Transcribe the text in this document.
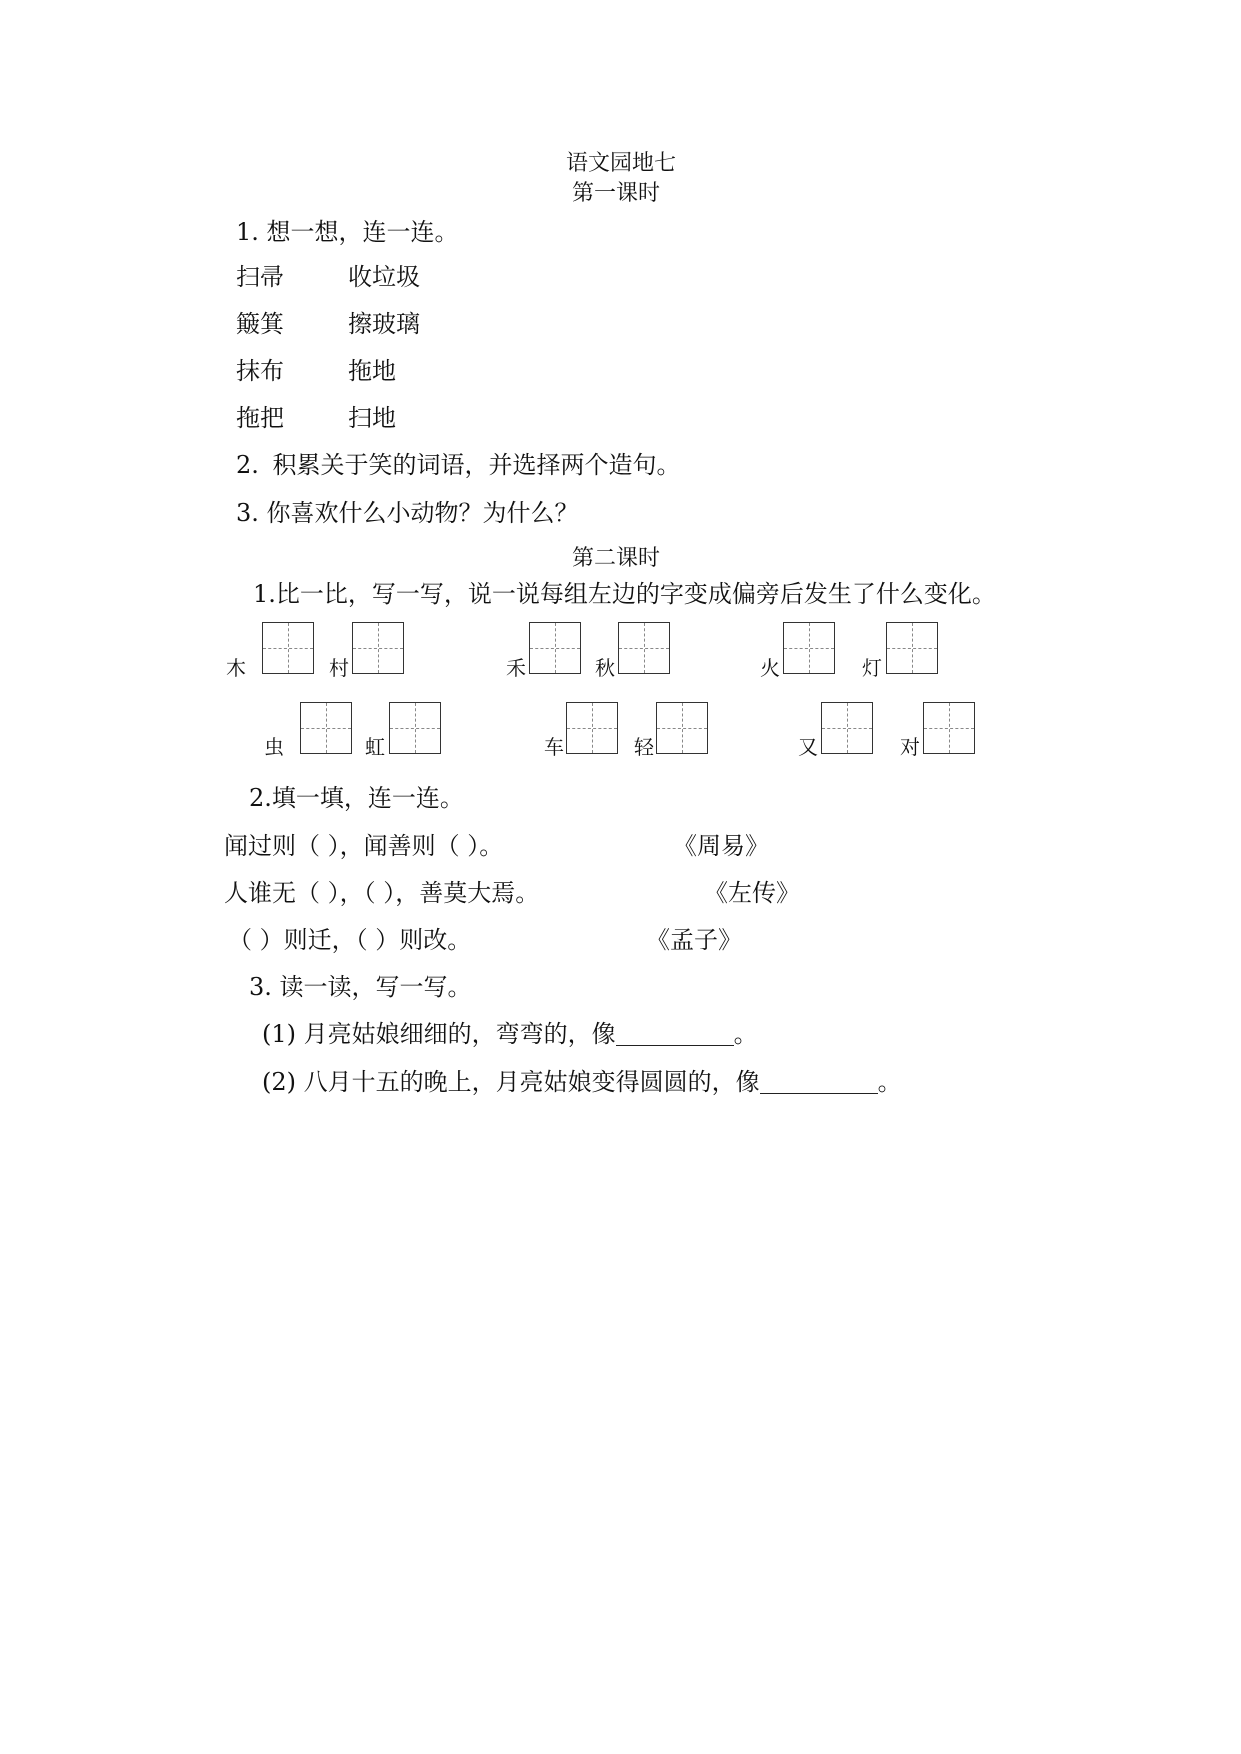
语文园地七
第一课时
1. 想一想，连一连。
扫帚	收垃圾
簸箕	擦玻璃
抹布	拖地
拖把	扫地
2. 积累关于笑的词语，并选择两个造句。
3. 你喜欢什么小动物？为什么？
第二课时
1.比一比，写一写，说一说每组左边的字变成偏旁后发生了什么变化。
木	村	禾	秋	火	灯
虫	虹	车	轻	又	对
2.填一填，连一连。
闻过则（ ），闻善则（ ）。	《周易》
人谁无（ ），（ ），善莫大焉。	《左传》
（ ）则迁，（ ）则改。	《孟子》
3. 读一读，写一写。
(1) 月亮姑娘细细的，弯弯的，像	。
(2) 八月十五的晚上，月亮姑娘变得圆圆的，像	。
